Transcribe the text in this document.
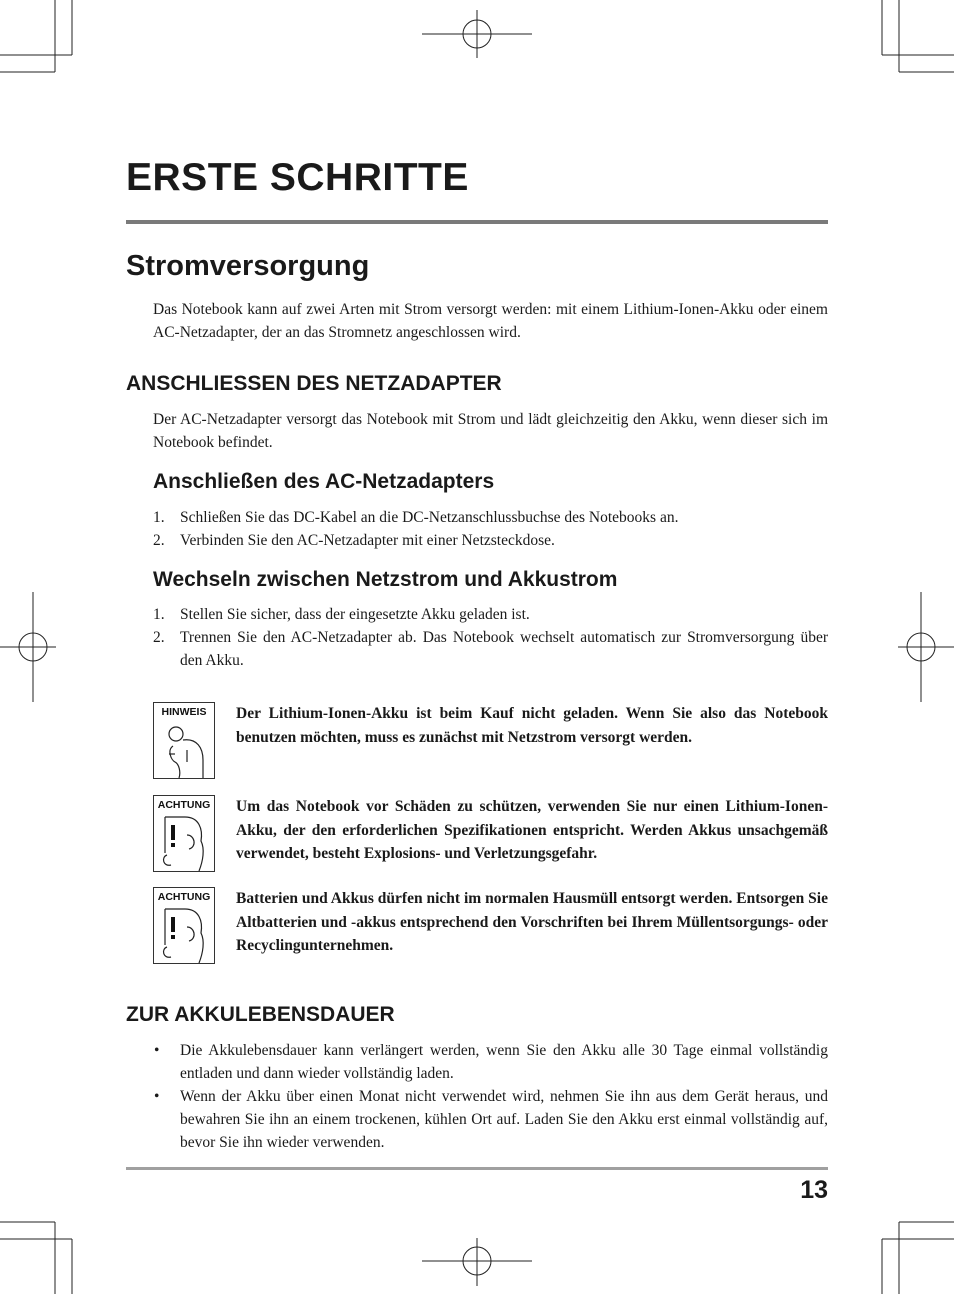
ERSTE SCHRITTE
Stromversorgung

Das Notebook kann auf zwei Arten mit Strom versorgt werden: mit einem Lithium-Ionen-Akku oder einem AC-Netzadapter, der an das Stromnetz angeschlossen wird.

ANSCHLIESSEN DES NETZADAPTER

Der AC-Netzadapter versorgt das Notebook mit Strom und lädt gleichzeitig den Akku, wenn dieser sich im Notebook befindet.

Anschließen des AC-Netzadapters
1. Schließen Sie das DC-Kabel an die DC-Netzanschlussbuchse des Notebooks an.
2. Verbinden Sie den AC-Netzadapter mit einer Netzsteckdose.
Wechseln zwischen Netzstrom und Akkustrom
1. Stellen Sie sicher, dass der eingesetzte Akku geladen ist.
2. Trennen Sie den AC-Netzadapter ab. Das Notebook wechselt automatisch zur Stromversorgung über den Akku.
HINWEIS Der Lithium-Ionen-Akku ist beim Kauf nicht geladen. Wenn Sie also das Notebook benutzen möchten, muss es zunächst mit Netzstrom versorgt werden.

ACHTUNG Um das Notebook vor Schäden zu schützen, verwenden Sie nur einen Lithium-Ionen-Akku, der den erforderlichen Spezifikationen entspricht. Werden Akkus unsachgemäß verwendet, besteht Explosions- und Verletzungsgefahr.

ACHTUNG Batterien und Akkus dürfen nicht im normalen Hausmüll entsorgt werden. Entsorgen Sie Altbatterien und -akkus entsprechend den Vorschriften bei Ihrem Müllentsorgungs- oder Recyclingunternehmen.

ZUR AKKULEBENSDAUER
• Die Akkulebensdauer kann verlängert werden, wenn Sie den Akku alle 30 Tage einmal vollständig entladen und dann wieder vollständig laden.
• Wenn der Akku über einen Monat nicht verwendet wird, nehmen Sie ihn aus dem Gerät heraus, und bewahren Sie ihn an einem trockenen, kühlen Ort auf. Laden Sie den Akku erst einmal vollständig auf, bevor Sie ihn wieder verwenden.

13
